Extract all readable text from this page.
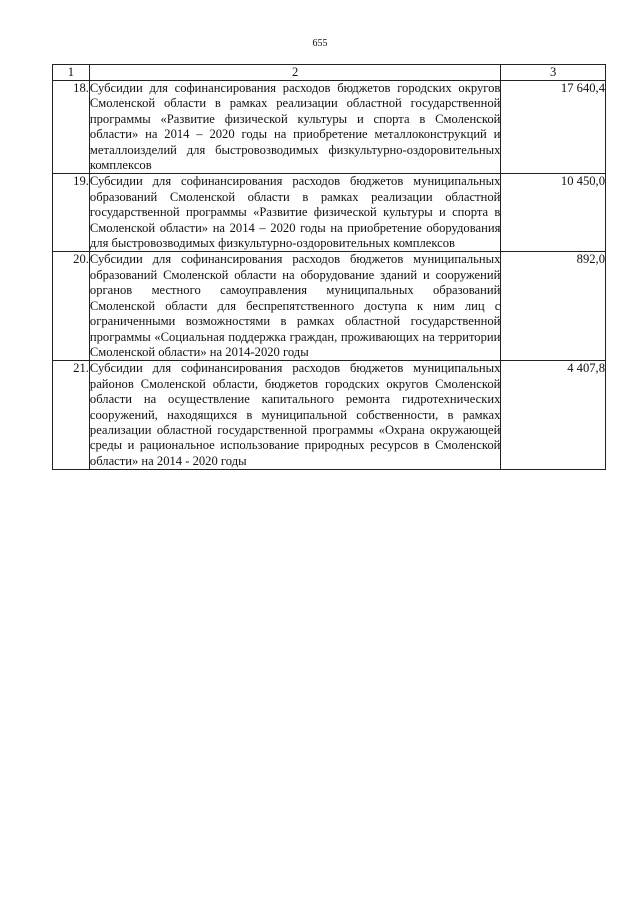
655
1	2	3
18.	Субсидии для софинансирования расходов бюджетов городских округов Смоленской области в рамках реализации областной государственной программы «Развитие физической культуры и спорта в Смоленской области» на 2014 – 2020 годы на приобретение металлоконструкций и металлоизделий для быстровозводимых физкультурно-оздоровительных комплексов	17 640,4
19.	Субсидии для софинансирования расходов бюджетов муниципальных образований Смоленской области в рамках реализации областной государственной программы «Развитие физической культуры и спорта в Смоленской области» на 2014 – 2020 годы на приобретение оборудования для быстровозводимых физкультурно-оздоровительных комплексов	10 450,0
20.	Субсидии для софинансирования расходов бюджетов муниципальных образований Смоленской области на оборудование зданий и сооружений органов местного самоуправления муниципальных образований Смоленской области для беспрепятственного доступа к ним лиц с ограниченными возможностями в рамках областной государственной программы «Социальная поддержка граждан, проживающих на территории Смоленской области» на 2014-2020 годы	892,0
21.	Субсидии для софинансирования расходов бюджетов муниципальных районов Смоленской области, бюджетов городских округов Смоленской области на осуществление капитального ремонта гидротехнических сооружений, находящихся в муниципальной собственности, в рамках реализации областной государственной программы «Охрана окружающей среды и рациональное использование природных ресурсов в Смоленской области» на 2014 - 2020 годы	4 407,8
